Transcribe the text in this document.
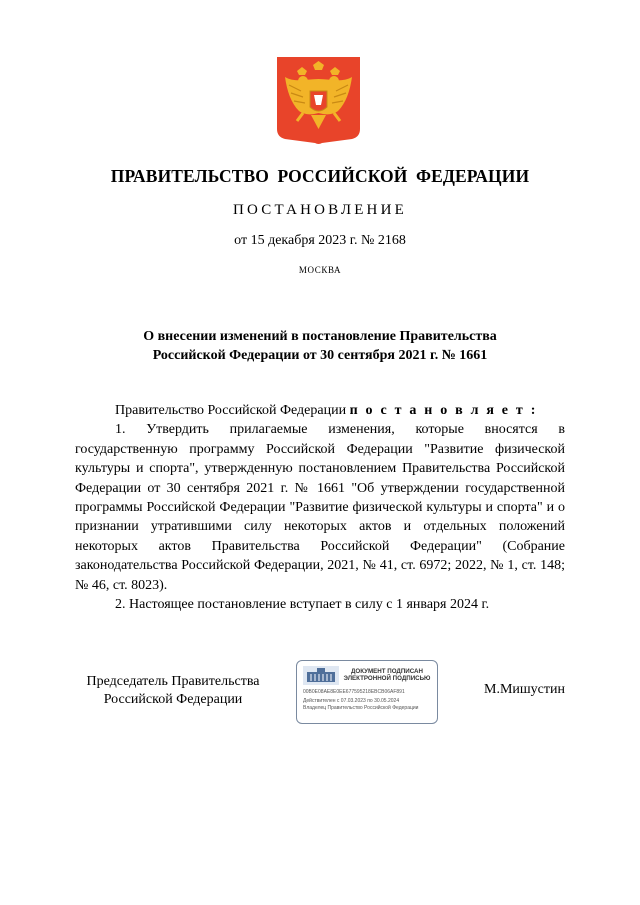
ПРАВИТЕЛЬСТВО РОССИЙСКОЙ ФЕДЕРАЦИИ
ПОСТАНОВЛЕНИЕ
от 15 декабря 2023 г. № 2168
МОСКВА
О внесении изменений в постановление Правительства
Российской Федерации от 30 сентября 2021 г. № 1661

Правительство Российской Федерации п о с т а н о в л я е т :

1. Утвердить прилагаемые изменения, которые вносятся в государственную программу Российской Федерации "Развитие физической культуры и спорта", утвержденную постановлением Правительства Российской Федерации от 30 сентября 2021 г. № 1661 "Об утверждении государственной программы Российской Федерации "Развитие физической культуры и спорта" и о признании утратившими силу некоторых актов и отдельных положений некоторых актов Правительства Российской Федерации" (Собрание законодательства Российской Федерации, 2021, № 41, ст. 6972; 2022, № 1, ст. 148; № 46, ст. 8023).

2. Настоящее постановление вступает в силу с 1 января 2024 г.

Председатель Правительства
Российской Федерации
ДОКУМЕНТ ПОДПИСАН
ЭЛЕКТРОННОЙ ПОДПИСЬЮ
00B0E08AE8E0EE677595218EBCB06AF891
Действителен с 07.03.2023 по 30.05.2024
Владелец Правительство Российской Федерации
М.Мишустин
